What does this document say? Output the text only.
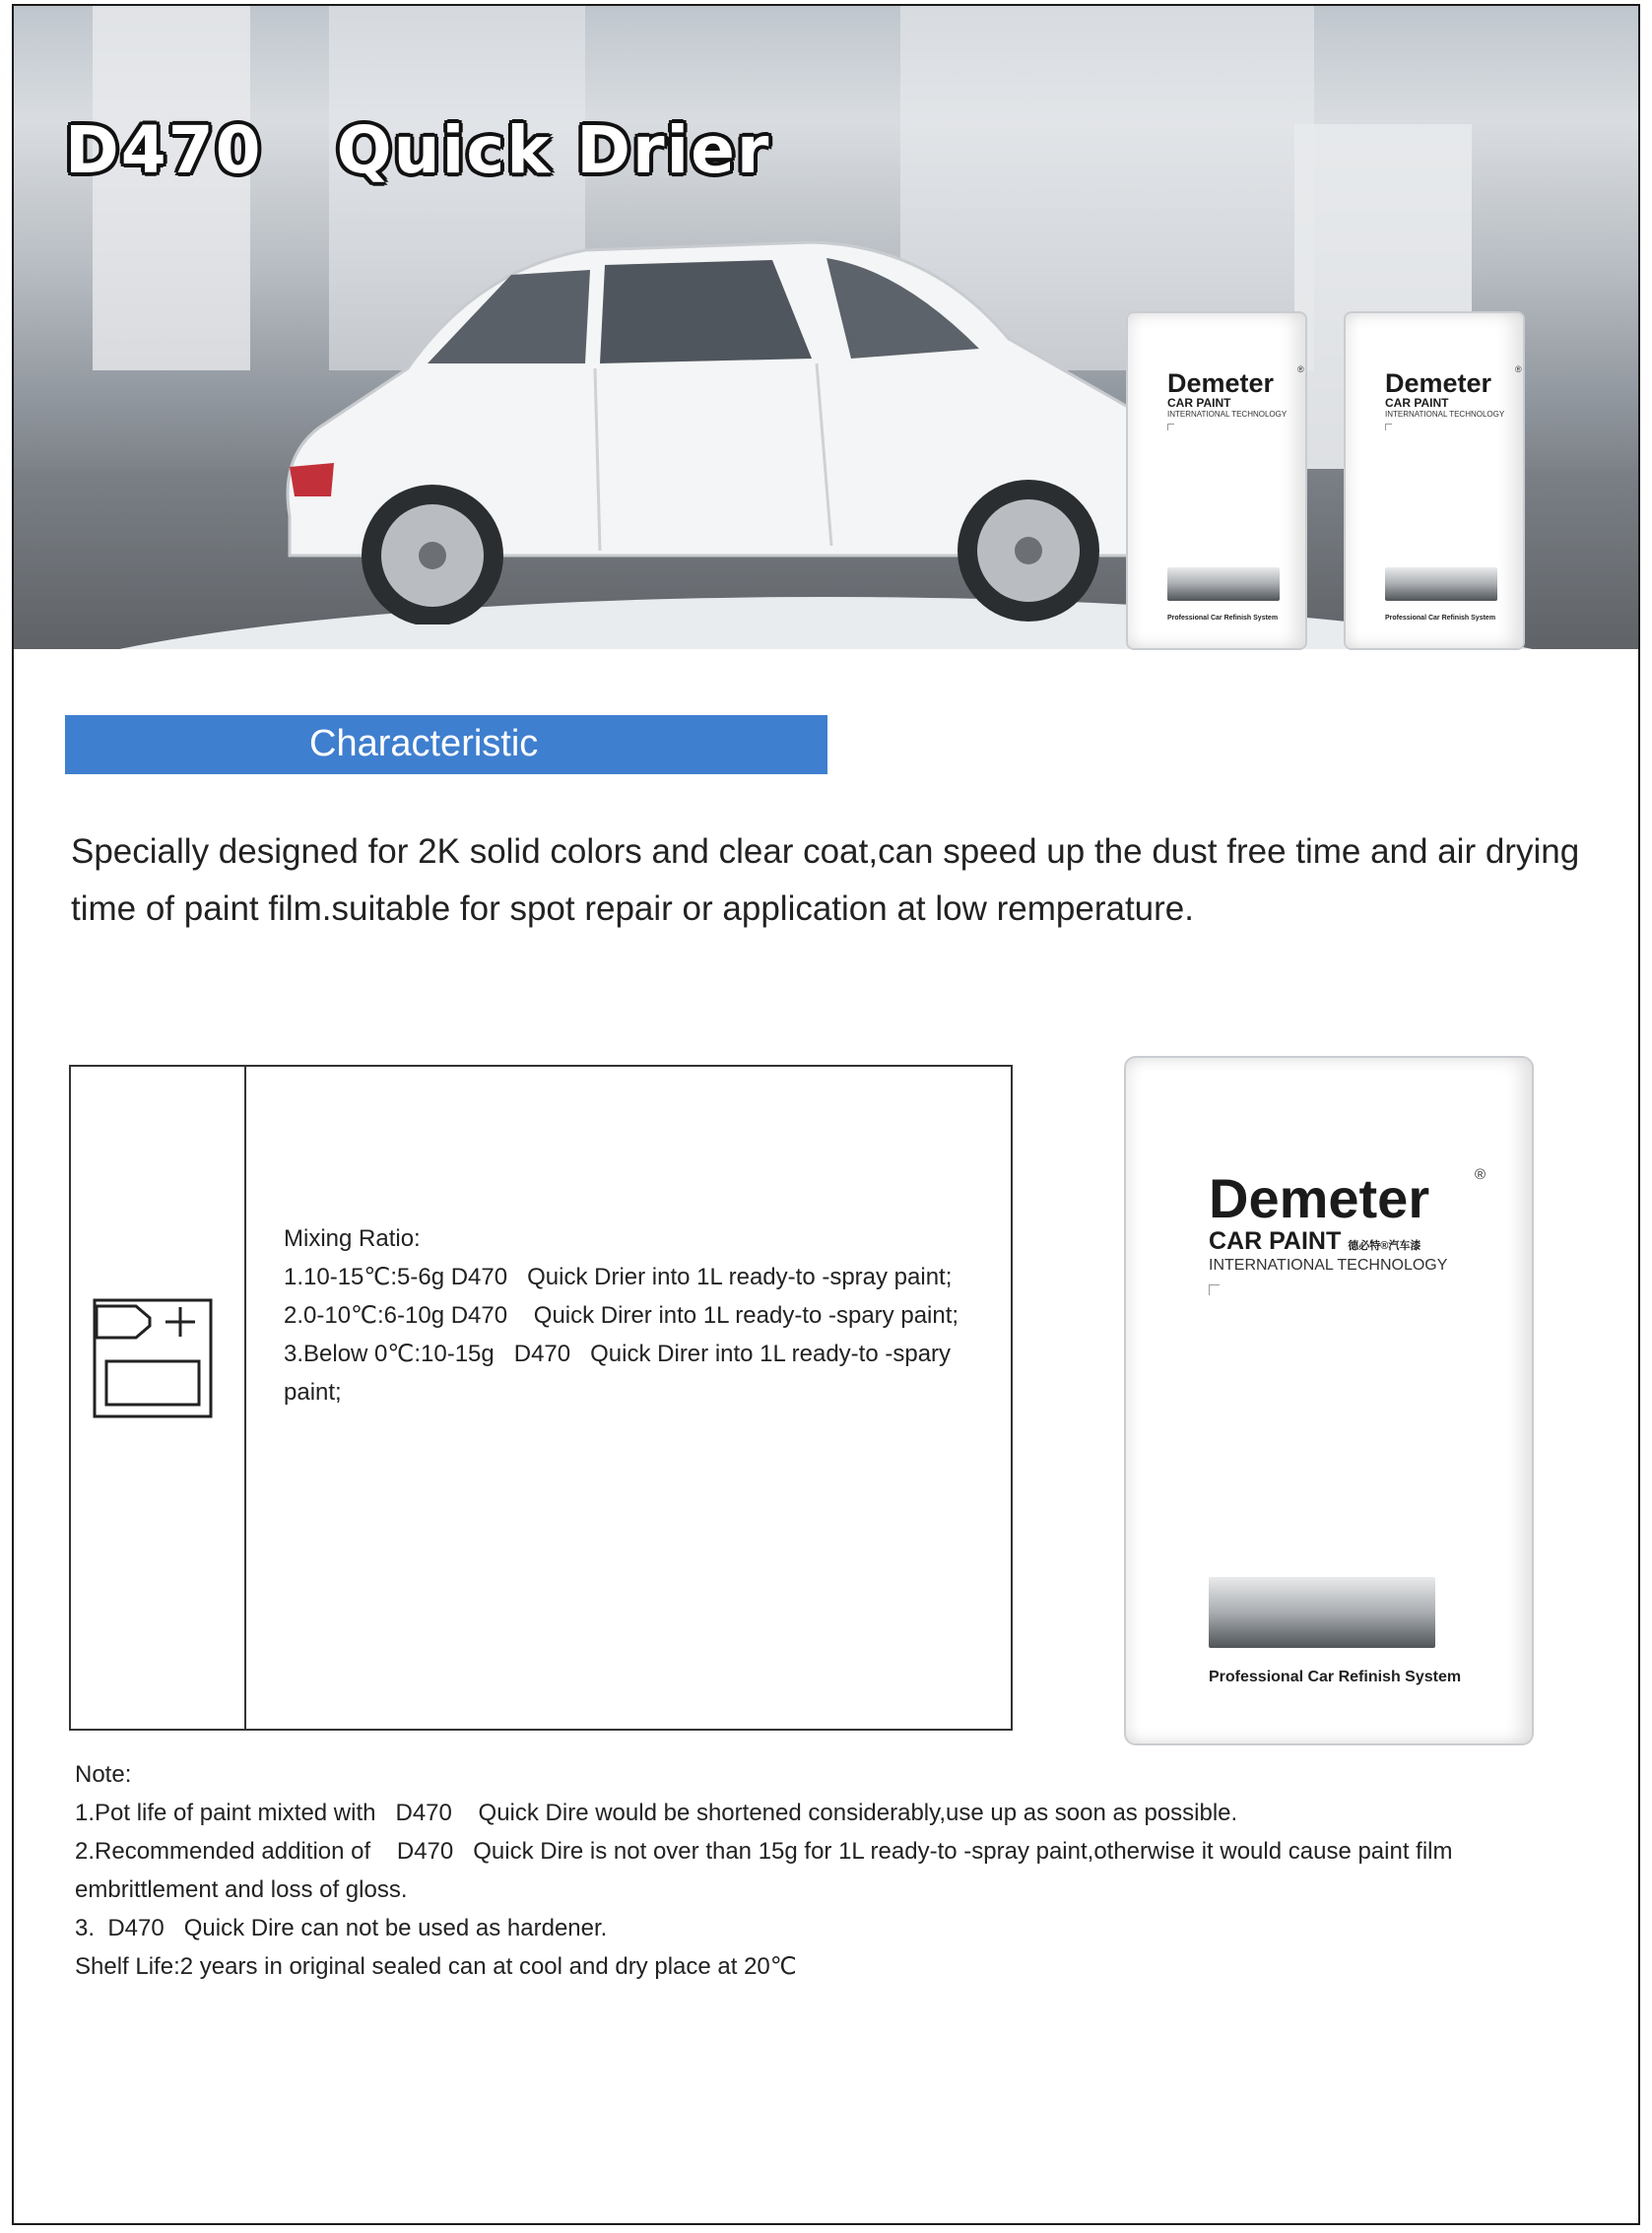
D470   Quick Drier
Demeter	®
CAR PAINT
INTERNATIONAL TECHNOLOGY
Professional Car Refinish System
Demeter	®
CAR PAINT
INTERNATIONAL TECHNOLOGY
Professional Car Refinish System
Characteristic

Specially designed for 2K solid colors and clear coat,can speed up the dust free time and air drying time of paint film.suitable for spot repair or application at low remperature.

Mixing Ratio:
1.10-15℃:5-6g D470   Quick Drier into 1L ready-to -spray paint;
2.0-10℃:6-10g D470    Quick Direr into 1L ready-to -spary paint;
3.Below 0℃:10-15g   D470   Quick Direr into 1L ready-to -spary paint;
Demeter	®
CAR PAINT 德必特®汽车漆
INTERNATIONAL TECHNOLOGY
Professional Car Refinish System
Note:
1.Pot life of paint mixted with   D470    Quick Dire would be shortened considerably,use up as soon as possible.
2.Recommended addition of    D470   Quick Dire is not over than 15g for 1L ready-to -spray paint,otherwise it would cause paint film embrittlement and loss of gloss.
3.  D470   Quick Dire can not be used as hardener.
Shelf Life:2 years in original sealed can at cool and dry place at 20℃
